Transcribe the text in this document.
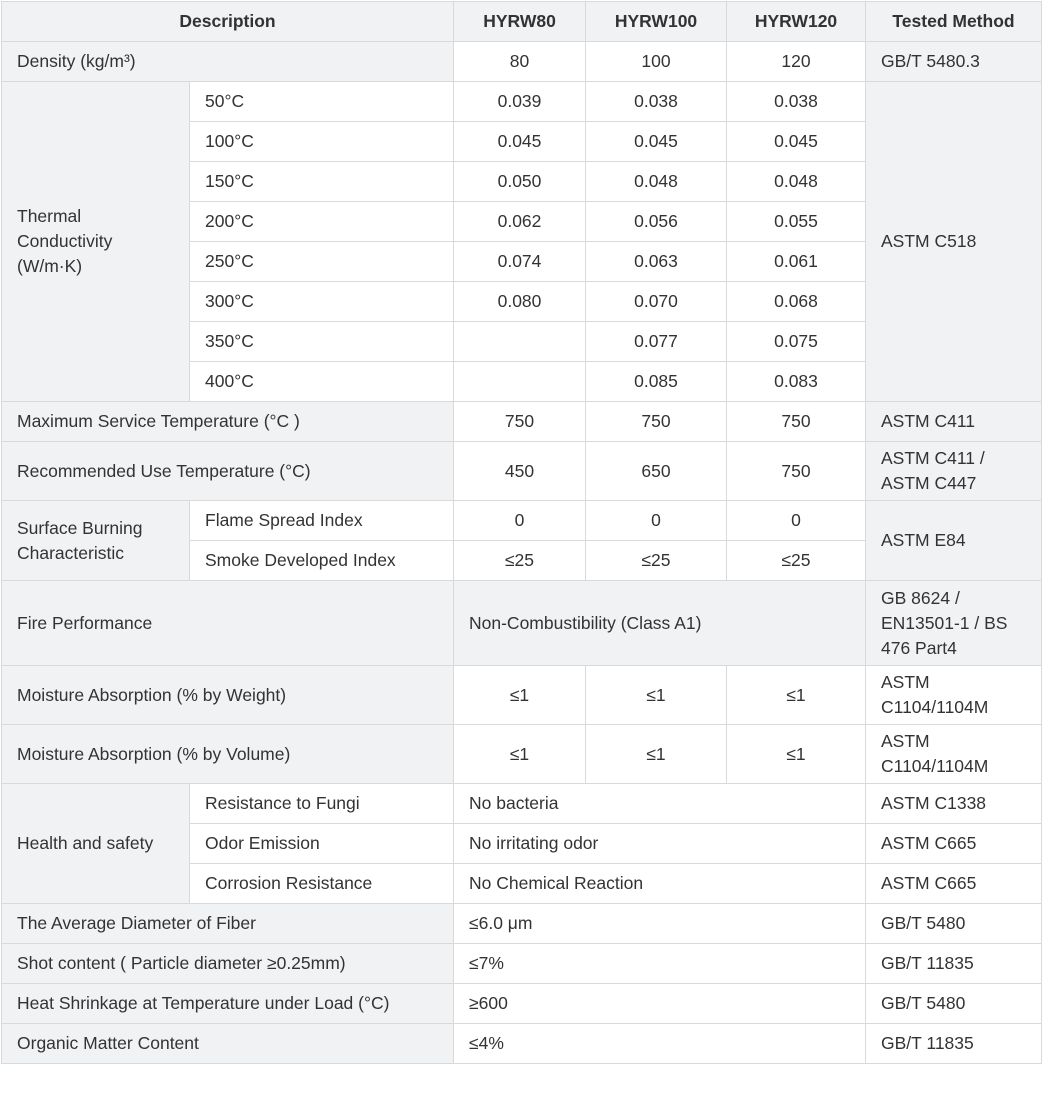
Description		HYRW80	HYRW100	HYRW120	Tested Method
Density (kg/m³)		80	100	120	GB/T 5480.3
Thermal Conductivity (W/m·K)	50°C	0.039	0.038	0.038	ASTM C518
	100°C	0.045	0.045	0.045	
	150°C	0.050	0.048	0.048	
	200°C	0.062	0.056	0.055	
	250°C	0.074	0.063	0.061	
	300°C	0.080	0.070	0.068	
	350°C		0.077	0.075	
	400°C		0.085	0.083	
Maximum Service Temperature (°C )		750	750	750	ASTM C411
Recommended Use Temperature (°C)		450	650	750	ASTM C411 / ASTM C447
Surface Burning Characteristic	Flame Spread Index	0	0	0	ASTM E84
	Smoke Developed Index	≤25	≤25	≤25	
Fire Performance		Non-Combustibility (Class A1)			GB 8624 / EN13501-1 / BS 476 Part4
Moisture Absorption (% by Weight)		≤1	≤1	≤1	ASTM C1104/1104M
Moisture Absorption (% by Volume)		≤1	≤1	≤1	ASTM C1104/1104M
Health and safety	Resistance to Fungi	No bacteria			ASTM C1338
	Odor Emission	No irritating odor			ASTM C665
	Corrosion Resistance	No Chemical Reaction			ASTM C665
The Average Diameter of Fiber		≤6.0 μm			GB/T 5480
Shot content ( Particle diameter ≥0.25mm)		≤7%			GB/T 11835
Heat Shrinkage at Temperature under Load (°C)		≥600			GB/T 5480
Organic Matter Content		≤4%			GB/T 11835
